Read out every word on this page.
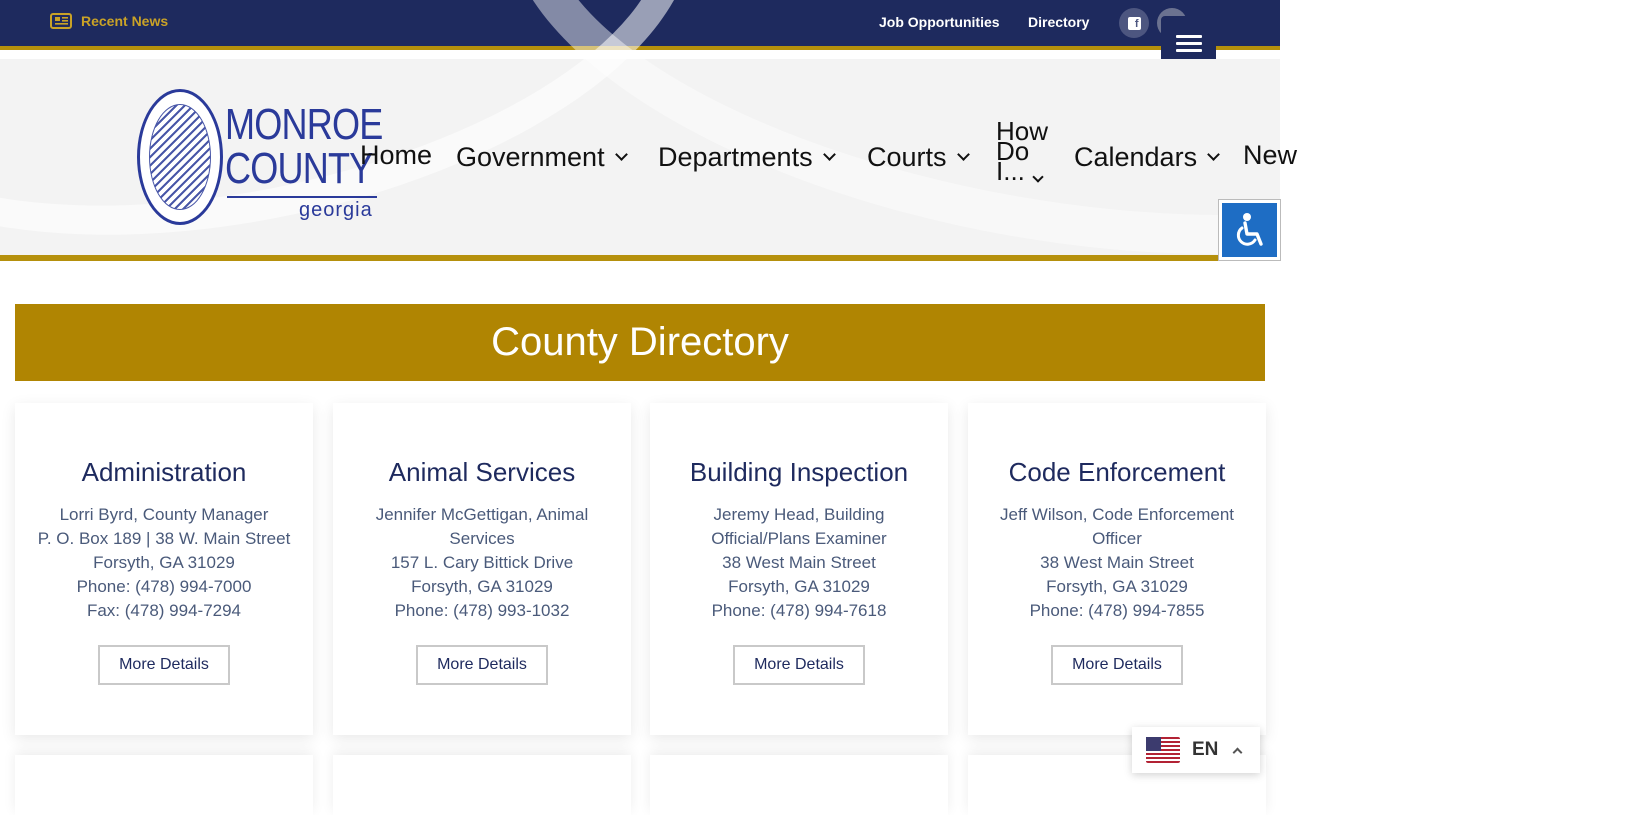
Recent News	Job Opportunities Directory	f
MONROE
COUNTY
georgia
Home Government Departments Courts
How Do I...	Calendars New
County Directory
Administration
Lorri Byrd, County Manager
P. O. Box 189 | 38 W. Main Street
Forsyth, GA 31029
Phone: (478) 994-7000
Fax: (478) 994-7294
More Details
Animal Services
Jennifer McGettigan, Animal Services
157 L. Cary Bittick Drive
Forsyth, GA 31029
Phone: (478) 993-1032
More Details
Building Inspection
Jeremy Head, Building Official/Plans Examiner
38 West Main Street
Forsyth, GA 31029
Phone: (478) 994-7618
More Details
Code Enforcement
Jeff Wilson, Code Enforcement Officer
38 West Main Street
Forsyth, GA 31029
Phone: (478) 994-7855
More Details
EN
